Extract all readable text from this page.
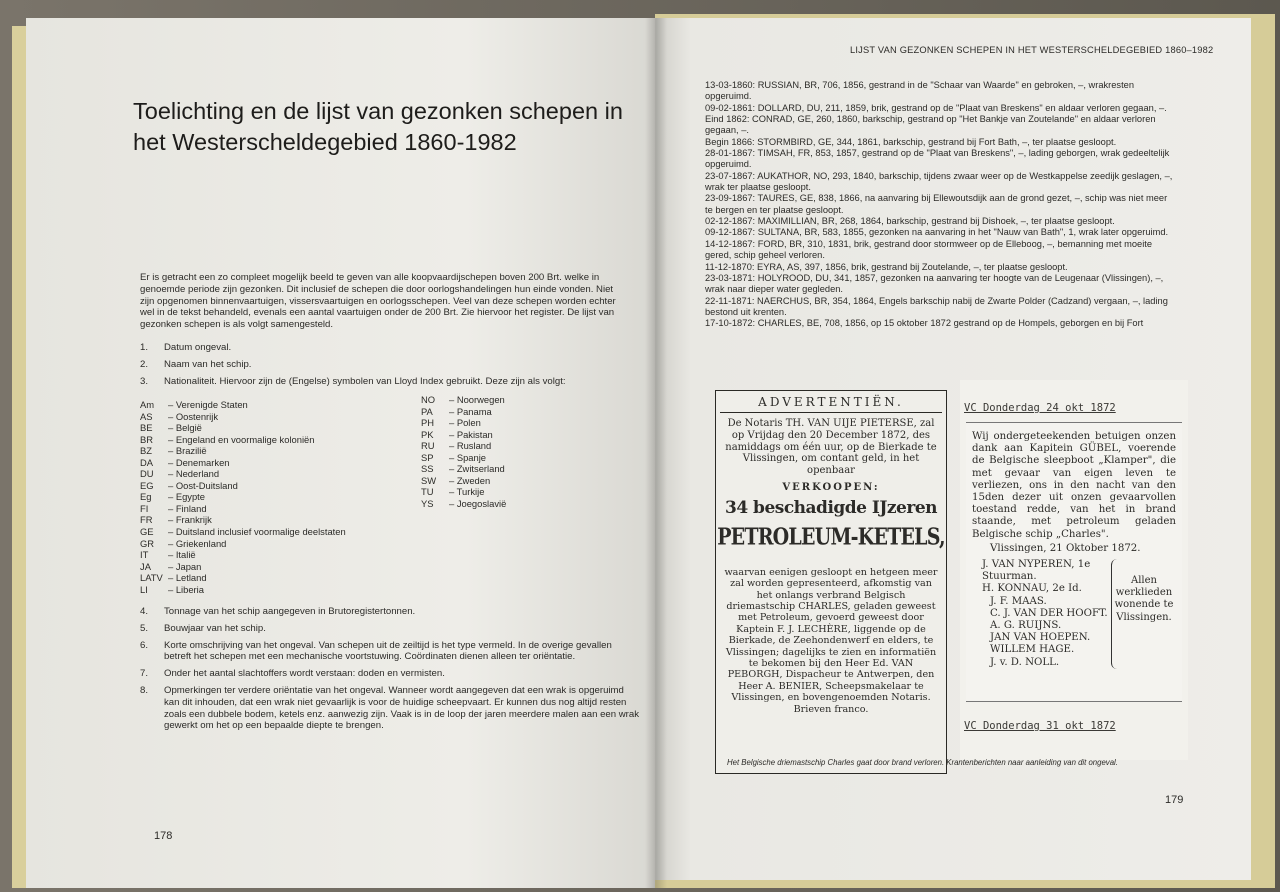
Toelichting en de lijst van gezonken schepen in het Westerscheldegebied 1860-1982
Er is getracht een zo compleet mogelijk beeld te geven van alle koopvaardijschepen boven 200 Brt. welke in genoemde periode zijn gezonken. Dit inclusief de schepen die door oorlogshandelingen hun einde vonden. Niet zijn opgenomen binnenvaartuigen, vissersvaartuigen en oorlogsschepen. Veel van deze schepen worden echter wel in de tekst behandeld, evenals een aantal vaartuigen onder de 200 Brt. Zie hiervoor het register. De lijst van gezonken schepen is als volgt samengesteld.
1.	Datum ongeval.
2.	Naam van het schip.
3.	Nationaliteit. Hiervoor zijn de (Engelse) symbolen van Lloyd Index gebruikt. Deze zijn als volgt:
Am	– Verenigde Staten
AS	– Oostenrijk
BE	– België
BR	– Engeland en voormalige koloniën
BZ	– Brazilië
DA	– Denemarken
DU	– Nederland
EG	– Oost-Duitsland
Eg	– Egypte
FI	– Finland
FR	– Frankrijk
GE	– Duitsland inclusief voormalige deelstaten
GR	– Griekenland
IT	– Italië
JA	– Japan
LATV – Letland
LI	– Liberia
NO	– Noorwegen
PA	– Panama
PH	– Polen
PK	– Pakistan
RU	– Rusland
SP	– Spanje
SS	– Zwitserland
SW	– Zweden
TU	– Turkije
YS	– Joegoslavië
4.	Tonnage van het schip aangegeven in Brutoregistertonnen.
5.	Bouwjaar van het schip.
6.	Korte omschrijving van het ongeval. Van schepen uit de zeiltijd is het type vermeld. In de overige gevallen betreft het schepen met een mechanische voortstuwing. Coördinaten dienen alleen ter oriëntatie.
7.	Onder het aantal slachtoffers wordt verstaan: doden en vermisten.
8.	Opmerkingen ter verdere oriëntatie van het ongeval. Wanneer wordt aangegeven dat een wrak is opgeruimd kan dit inhouden, dat een wrak niet gevaarlijk is voor de huidige scheepvaart. Er kunnen dus nog altijd resten zoals een dubbele bodem, ketels enz. aanwezig zijn. Vaak is in de loop der jaren meerdere malen aan een wrak gewerkt om het op een bepaalde diepte te brengen.
178
LIJST VAN GEZONKEN SCHEPEN IN HET WESTERSCHELDEGEBIED 1860–1982

13-03-1860: RUSSIAN, BR, 706, 1856, gestrand in de "Schaar van Waarde" en gebroken, –, wrakresten opgeruimd.

09-02-1861: DOLLARD, DU, 211, 1859, brik, gestrand op de "Plaat van Breskens" en aldaar verloren gegaan, –.

Eind 1862: CONRAD, GE, 260, 1860, barkschip, gestrand op "Het Bankje van Zoutelande" en aldaar verloren gegaan, –.

Begin 1866: STORMBIRD, GE, 344, 1861, barkschip, gestrand bij Fort Bath, –, ter plaatse gesloopt.

28-01-1867: TIMSAH, FR, 853, 1857, gestrand op de "Plaat van Breskens", –, lading geborgen, wrak gedeeltelijk opgeruimd.

23-07-1867: AUKATHOR, NO, 293, 1840, barkschip, tijdens zwaar weer op de Westkappelse zeedijk geslagen, –, wrak ter plaatse gesloopt.

23-09-1867: TAURES, GE, 838, 1866, na aanvaring bij Ellewoutsdijk aan de grond gezet, –, schip was niet meer te bergen en ter plaatse gesloopt.

02-12-1867: MAXIMILLIAN, BR, 268, 1864, barkschip, gestrand bij Dishoek, –, ter plaatse gesloopt.

09-12-1867: SULTANA, BR, 583, 1855, gezonken na aanvaring in het "Nauw van Bath", 1, wrak later opgeruimd.

14-12-1867: FORD, BR, 310, 1831, brik, gestrand door stormweer op de Elleboog, –, bemanning met moeite gered, schip geheel verloren.

11-12-1870: EYRA, AS, 397, 1856, brik, gestrand bij Zoutelande, –, ter plaatse gesloopt.

23-03-1871: HOLYROOD, DU, 341, 1857, gezonken na aanvaring ter hoogte van de Leugenaar (Vlissingen), –, wrak naar dieper water gegleden.

22-11-1871: NAERCHUS, BR, 354, 1864, Engels barkschip nabij de Zwarte Polder (Cadzand) vergaan, –, lading bestond uit krenten.

17-10-1872: CHARLES, BE, 708, 1856, op 15 oktober 1872 gestrand op de Hompels, geborgen en bij Fort

ADVERTENTIËN.
De Notaris TH. VAN UIJE PIETERSE, zal op Vrijdag den 20 December 1872, des namiddags om één uur, op de Bierkade te Vlissingen, om contant geld, in het openbaar
VERKOOPEN:
34 beschadigde IJzeren
PETROLEUM-KETELS,
waarvan eenigen gesloopt en hetgeen meer zal worden gepresenteerd, afkomstig van het onlangs verbrand Belgisch driemastschip CHARLES, geladen geweest met Petroleum, gevoerd geweest door Kaptein F. J. LECHÈRE, liggende op de Bierkade, de Zeehondenwerf en elders, te Vlissingen; dagelijks te zien en informatiën te bekomen bij den Heer Ed. VAN PEBORGH, Dispacheur te Antwerpen, den Heer A. BENIER, Scheepsmakelaar te Vlissingen, en bovengenoemden Notaris. Brieven franco.
VC Donderdag 24 okt 1872
Wij ondergeteekenden betuigen onzen dank aan Kapitein GÜBEL, voerende de Belgische sleepboot „Klamper", die met gevaar van eigen leven te verliezen, ons in den nacht van den 15den dezer uit onzen gevaarvollen toestand redde, van het in brand staande, met petroleum geladen Belgische schip „Charles".
Vlissingen, 21 Oktober 1872.
J. VAN NYPEREN, 1e Stuurman.
H. KONNAU, 2e Id.
J. F. MAAS.
C. J. VAN DER HOOFT.
A. G. RUIJNS.
JAN VAN HOEPEN.
WILLEM HAGE.
J. v. D. NOLL.
Allen werklieden wonende te Vlissingen.
VC Donderdag 31 okt 1872
Het Belgische driemastschip Charles gaat door brand verloren. Krantenberichten naar aanleiding van dit ongeval.
179
